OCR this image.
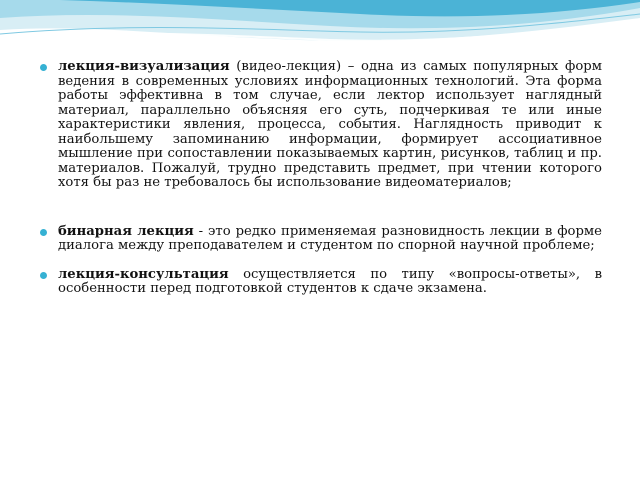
лекция-визуализация (видео-лекция) – одна из самых популярных форм ведения в современных условиях информационных технологий. Эта форма работы эффективна в том случае, если лектор использует наглядный материал, параллельно объясняя его суть, подчеркивая те или иные характеристики явления, процесса, события. Наглядность приводит к наибольшему запоминанию информации, формирует ассоциативное мышление при сопоставлении показываемых картин, рисунков, таблиц и пр. материалов. Пожалуй, трудно представить предмет, при чтении которого хотя бы раз не требовалось бы использование видеоматериалов;

бинарная лекция - это редко применяемая разновидность лекции в форме диалога между преподавателем и студентом по спорной научной проблеме;

лекция-консультация осуществляется по типу «вопросы-ответы», в особенности перед подготовкой студентов к сдаче экзамена.
